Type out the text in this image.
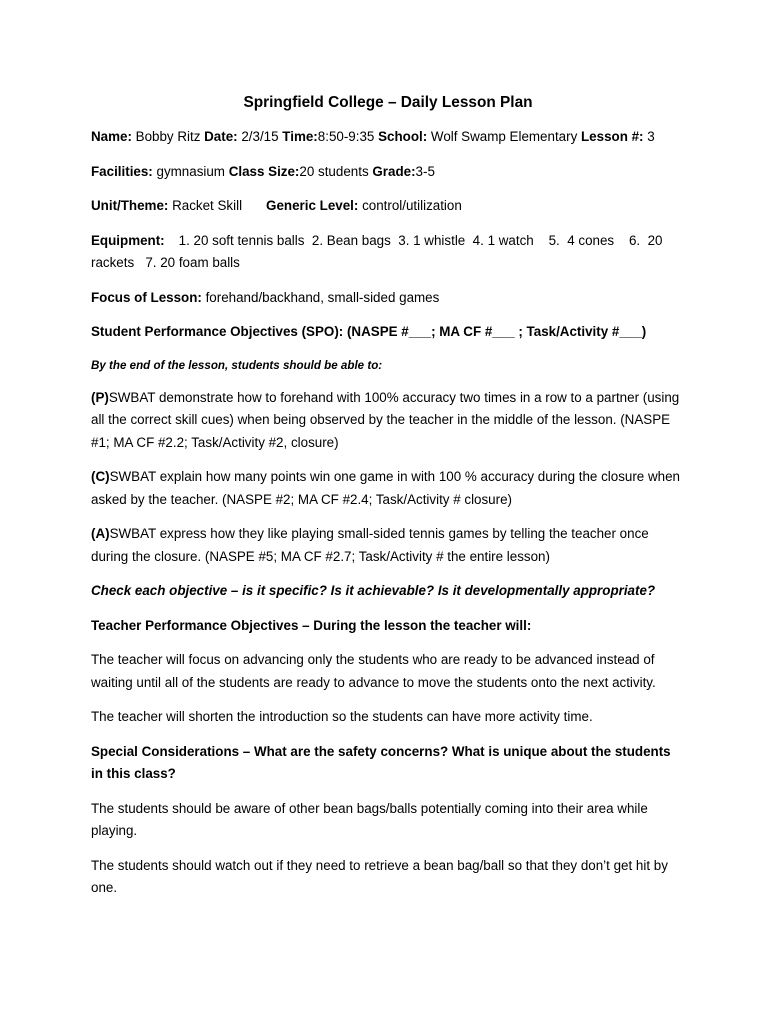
Springfield College – Daily Lesson Plan

Name: Bobby Ritz Date: 2/3/15 Time:8:50-9:35 School: Wolf Swamp Elementary Lesson #: 3

Facilities: gymnasium Class Size:20 students Grade:3-5

Unit/Theme: Racket Skill Generic Level: control/utilization

Equipment: 1. 20 soft tennis balls  2. Bean bags  3. 1 whistle  4. 1 watch    5.  4 cones    6.  20 rackets   7. 20 foam balls

Focus of Lesson: forehand/backhand, small-sided games

Student Performance Objectives (SPO): (NASPE #___; MA CF #___ ; Task/Activity #___)

By the end of the lesson, students should be able to:

(P)SWBAT demonstrate how to forehand with 100% accuracy two times in a row to a partner (using all the correct skill cues) when being observed by the teacher in the middle of the lesson. (NASPE #1; MA CF #2.2; Task/Activity #2, closure)

(C)SWBAT explain how many points win one game in with 100 % accuracy during the closure when asked by the teacher. (NASPE #2; MA CF #2.4; Task/Activity # closure)

(A)SWBAT express how they like playing small-sided tennis games by telling the teacher once during the closure. (NASPE #5; MA CF #2.7; Task/Activity # the entire lesson)

Check each objective – is it specific? Is it achievable? Is it developmentally appropriate?

Teacher Performance Objectives – During the lesson the teacher will:

The teacher will focus on advancing only the students who are ready to be advanced instead of waiting until all of the students are ready to advance to move the students onto the next activity.

The teacher will shorten the introduction so the students can have more activity time.

Special Considerations – What are the safety concerns? What is unique about the students in this class?

The students should be aware of other bean bags/balls potentially coming into their area while playing.

The students should watch out if they need to retrieve a bean bag/ball so that they don’t get hit by one.
